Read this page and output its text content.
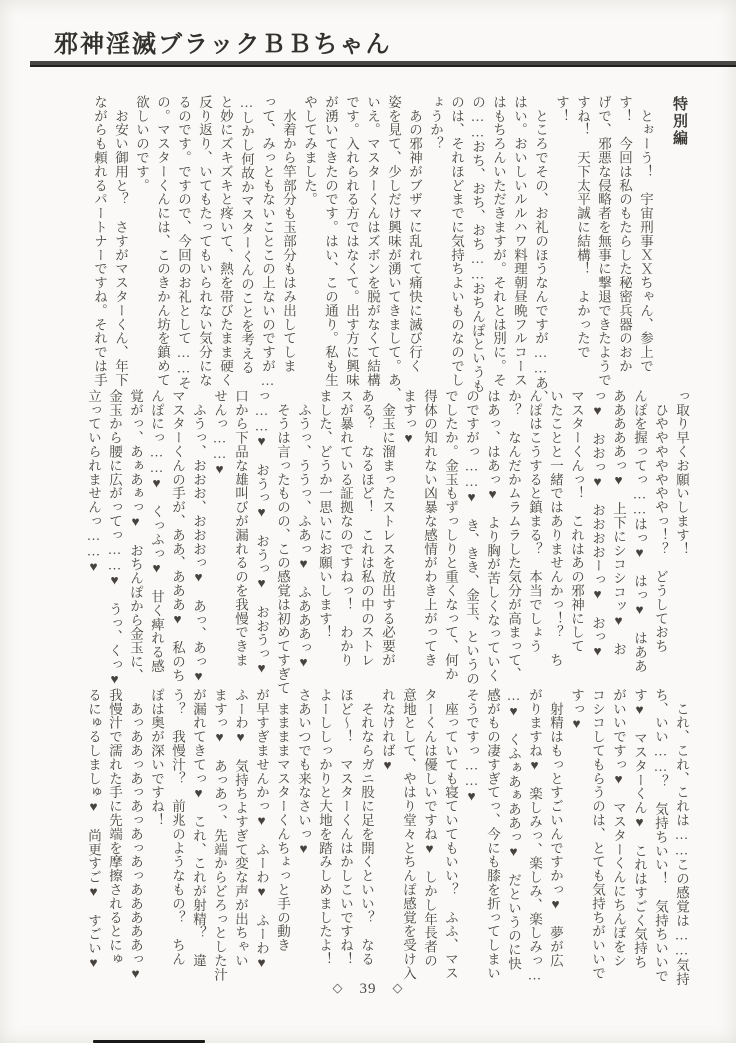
邪神淫滅ブラックＢＢちゃん
特別編
　とぉーう！　宇宙刑事ＸＸちゃん、参上で
す！　今回は私のもたらした秘密兵器のおか
げで、邪悪な侵略者を無事に撃退できたようで
すね！　天下太平誠に結構！　よかったで
す！
　ところでその、お礼のほうなんですが……あ、
はい。おいしいルルハワ料理朝昼晩フルコース
はもちろんいただきますが。それとは別に。そ
の……おち、おち、おち……おちんぽというも
のは、それほどまでに気持ちよいものなのでし
ょうか？
　あの邪神がブザマに乱れて痛快に滅び行く
姿を見て、少しだけ興味が湧いてきまして。あ、
いえ。マスターくんはズボンを脱がなくて結構
です。入れられる方ではなくて。出す方に興味
が湧いてきたのです。はい、この通り。私も生
やしてみました。
　水着から竿部分も玉部分もはみ出してしま
って、みっともないことこの上ないのですが…
…しかし何故かマスターくんのことを考える
と妙にズキズキと疼いて、熱を帯びたまま硬く
反り返り、いてもたってもいられない気分にな
るのです。ですので、今回のお礼として……そ
の。マスターくんには、このきかん坊を鎮めて
欲しいのです。
　お安い御用と？　さすがマスターくん、年下
ながらも頼れるパートナーですね。それでは手
っ取り早くお願いします！
　ひやややややややっ！？　どうしておち
んぽを握ってっ……はっ♥　はっ♥　はああ
あああああっ♥　上下にシコシコッ♥　お
っ♥　おおっ♥　おおおおーっ♥　おっ♥
マスターくんっ！　これはあの邪神にして
いたことと一緒ではありませんかっ！？　ち
んぽはこうすると鎮まる？　本当でしょう
か？　なんだかムラムラした気分が高まって、
はあっ、はあっ♥　より胸が苦しくなっていく
のですがっ……♥　き、きき、金玉、というの
でしたか。金玉もずっしりと重くなって、何か
得体の知れない凶暴な感情がわき上がってき
ますっ♥
　金玉に溜まったストレスを放出する必要が
ある？　なるほど！　これは私の中のストレ
スが暴れている証拠なのですねっ！　わかり
ました、どうか一思いにお願いします！
　ふうっ、ううっ、ふあっ♥　ふあああっ♥
　そうは言ったものの、この感覚は初めてすぎて
っ……♥　おうっ♥　おうっ♥　おおうっ♥
口から下品な雄叫びが漏れるのを我慢できま
せんっ……♥
　ふうっ、おおお、おおおっ♥　あっ、あっ♥
マスターくんの手が、ああ、あああ♥　私のち
んぽにっ……♥　くっふっ♥　甘く痺れる感
覚がっ、あぁあぁっ♥　おちんぽから金玉に、
金玉から腰に広がってっ……♥　うっ、くっ♥
立っていられませんっ……♥
　これ、これ、これは……この感覚は……気持
ち、いい……？　気持ちいい！　気持ちいいで
す♥　マスターくん♥　これはすごく気持ち
がいいですっ♥　マスターくんにちんぽをシ
コシコしてもらうのは、とても気持ちがいいで
すっ♥
　射精はもっとすごいんですかっ♥　夢が広
がりますね♥　楽しみっ、楽しみ、楽しみっ…
…♥　くふぁあぁああっ♥　だというのに快
感がもの凄すぎてっ、今にも膝を折ってしまい
そうですっ……♥
　座っていても寝ていてもいい？　ふふ、マス
ターくんは優しいですね♥　しかし年長者の
意地として、やはり堂々とちんぽ感覚を受け入
れなければ♥
　それならガニ股に足を開くといい？　なる
ほど～！　マスターくんはかしこいですね！
よーししっかりと大地を踏みしめましたよ！
さあいつでも来なさいっ♥
　ままままマスターくんちょっと手の動き
が早すぎませんかっ♥　ふーわ♥　ふーわ♥
ふーわ♥　気持ちよすぎて変な声が出ちゃい
ますっ♥　あっあっ、先端からどろっとした汁
が漏れてきてっ♥　これ、これが射精？　違
う？　我慢汁？　前兆のようなもの？　ちん
ぽは奥が深いですね！
　あっああっあっあっあっあっあああああっ♥
我慢汁で濡れた手に先端を摩擦されるとにゅ
るにゅるしましゅ♥　尚更すご♥　すごい♥
◇ 39 ◇
